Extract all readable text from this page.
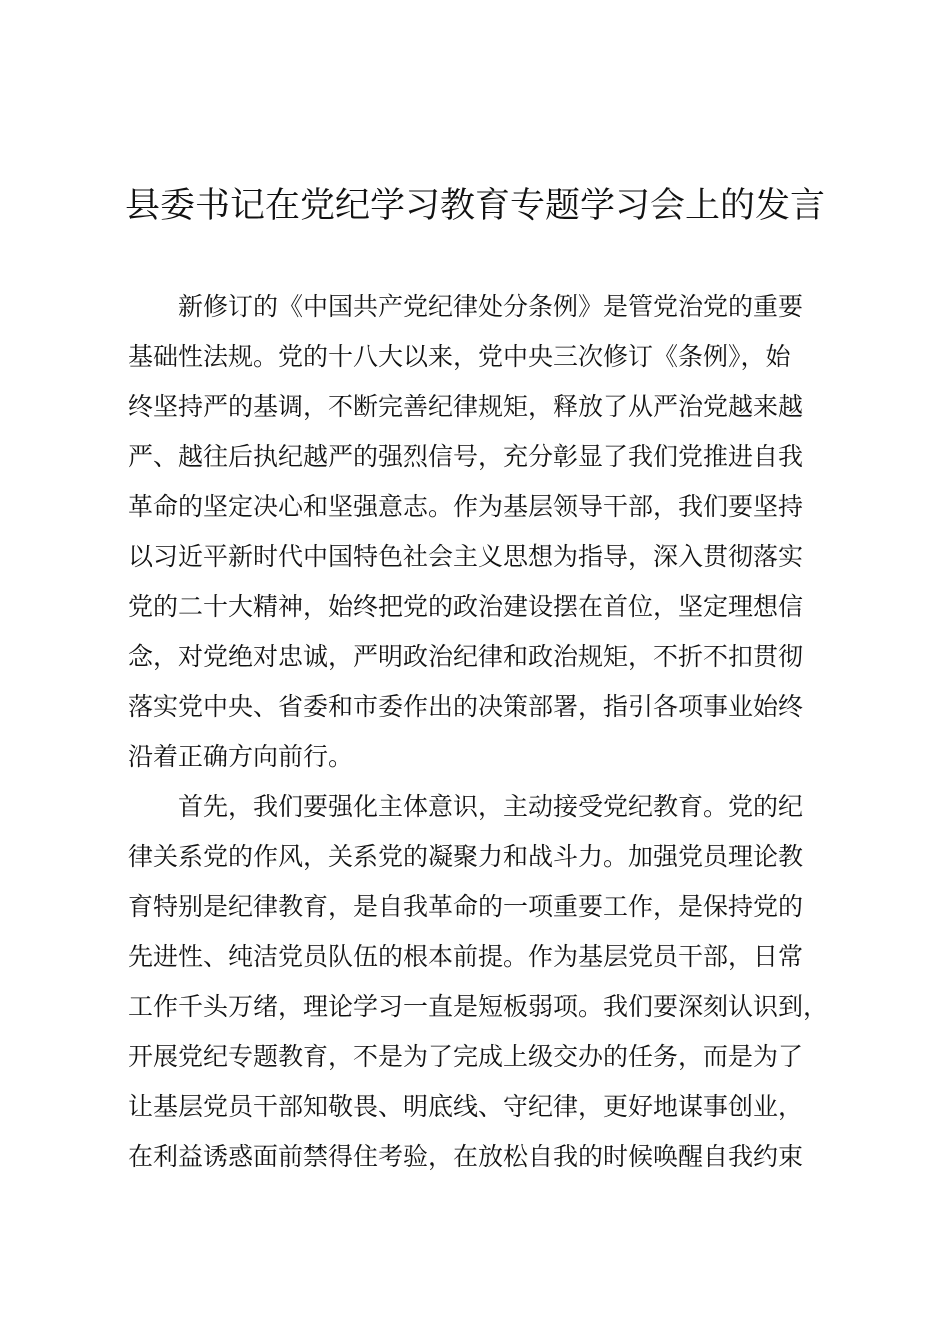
县委书记在党纪学习教育专题学习会上的发言
新修订的《中国共产党纪律处分条例》是管党治党的重要
基础性法规。党的十八大以来，党中央三次修订《条例》，始
终坚持严的基调，不断完善纪律规矩，释放了从严治党越来越
严、越往后执纪越严的强烈信号，充分彰显了我们党推进自我
革命的坚定决心和坚强意志。作为基层领导干部，我们要坚持
以习近平新时代中国特色社会主义思想为指导，深入贯彻落实
党的二十大精神，始终把党的政治建设摆在首位，坚定理想信
念，对党绝对忠诚，严明政治纪律和政治规矩，不折不扣贯彻
落实党中央、省委和市委作出的决策部署，指引各项事业始终
沿着正确方向前行。
首先，我们要强化主体意识，主动接受党纪教育。党的纪
律关系党的作风，关系党的凝聚力和战斗力。加强党员理论教
育特别是纪律教育，是自我革命的一项重要工作，是保持党的
先进性、纯洁党员队伍的根本前提。作为基层党员干部，日常
工作千头万绪，理论学习一直是短板弱项。我们要深刻认识到，
开展党纪专题教育，不是为了完成上级交办的任务，而是为了
让基层党员干部知敬畏、明底线、守纪律，更好地谋事创业，
在利益诱惑面前禁得住考验，在放松自我的时候唤醒自我约束
